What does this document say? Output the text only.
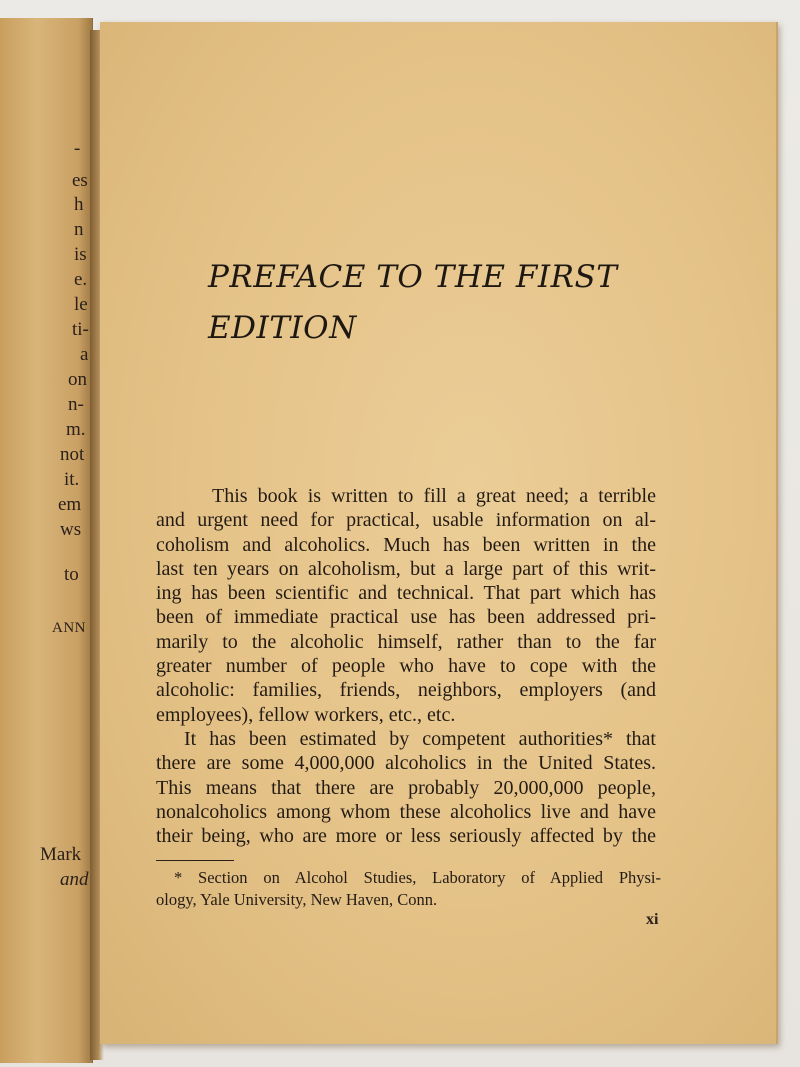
-
es
h
n
is
e.
le
ti-
a
on
n-
m.
not
it.
em
ws
to
ANN
Mark
and
PREFACE TO THE FIRST
EDITION
This book is written to fill a great need; a terrible
and urgent need for practical, usable information on al-
coholism and alcoholics. Much has been written in the
last ten years on alcoholism, but a large part of this writ-
ing has been scientific and technical. That part which has
been of immediate practical use has been addressed pri-
marily to the alcoholic himself, rather than to the far
greater number of people who have to cope with the
alcoholic: families, friends, neighbors, employers (and
employees), fellow workers, etc., etc.
It has been estimated by competent authorities* that
there are some 4,000,000 alcoholics in the United States.
This means that there are probably 20,000,000 people,
nonalcoholics among whom these alcoholics live and have
their being, who are more or less seriously affected by the
* Section on Alcohol Studies, Laboratory of Applied Physi-
ology, Yale University, New Haven, Conn.
xi
